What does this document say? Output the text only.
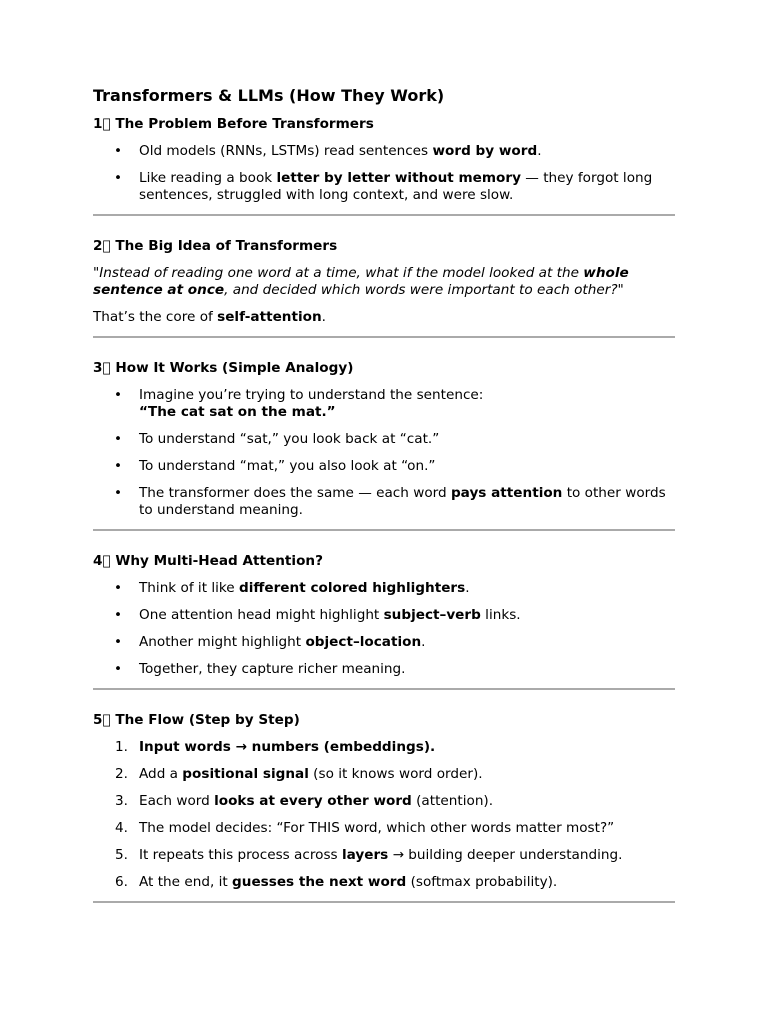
Transformers & LLMs (How They Work)
1⃣ The Problem Before Transformers
• Old models (RNNs, LSTMs) read sentences word by word.
• Like reading a book letter by letter without memory — they forgot long sentences, struggled with long context, and were slow.
2⃣ The Big Idea of Transformers

"Instead of reading one word at a time, what if the model looked at the whole sentence at once, and decided which words were important to each other?"

That’s the core of self-attention.

3⃣ How It Works (Simple Analogy)
• Imagine you’re trying to understand the sentence:
“The cat sat on the mat.”
• To understand “sat,” you look back at “cat.”
• To understand “mat,” you also look at “on.”
• The transformer does the same — each word pays attention to other words to understand meaning.
4⃣ Why Multi-Head Attention?
• Think of it like different colored highlighters.
• One attention head might highlight subject–verb links.
• Another might highlight object–location.
• Together, they capture richer meaning.
5⃣ The Flow (Step by Step)
1. Input words → numbers (embeddings).
2. Add a positional signal (so it knows word order).
3. Each word looks at every other word (attention).
4. The model decides: “For THIS word, which other words matter most?”
5. It repeats this process across layers → building deeper understanding.
6. At the end, it guesses the next word (softmax probability).
